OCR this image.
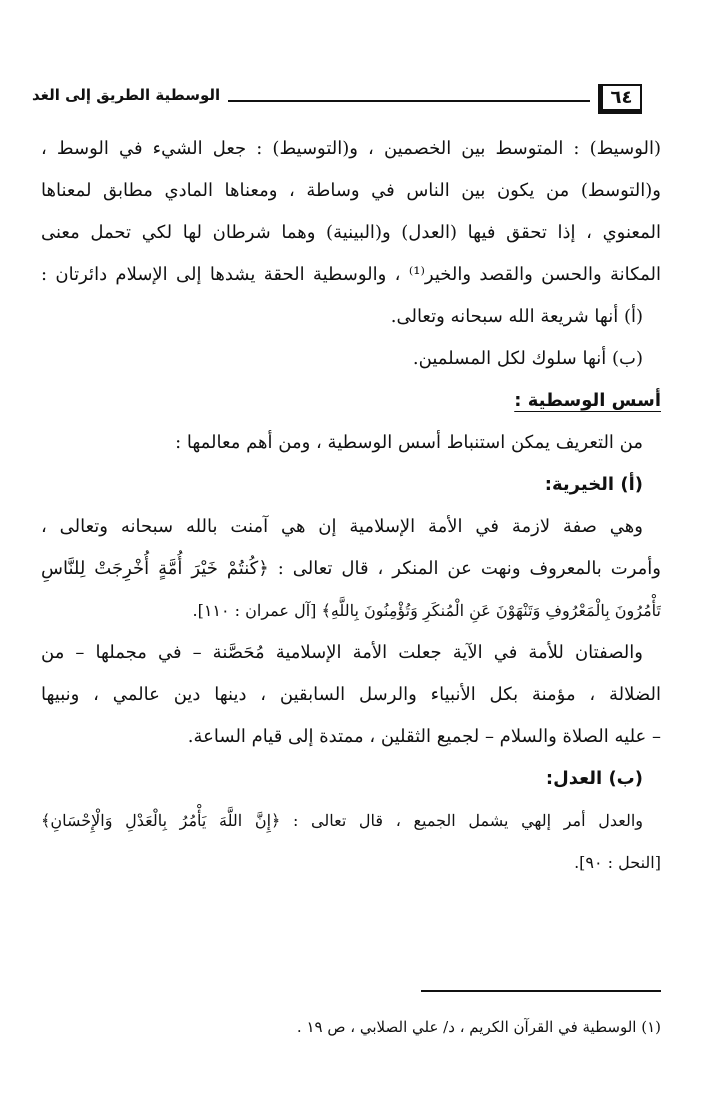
٦٤
الوسطية الطريق إلى الغد
(الوسيط) : المتوسط بين الخصمين ، و(التوسيط) : جعل الشيء في الوسط ،
و(التوسط) من يكون بين الناس في وساطة ، ومعناها المادي مطابق لمعناها
المعنوي ، إذا تحقق فيها (العدل) و(البينية) وهما شرطان لها لكي تحمل معنى
المكانة والحسن والقصد والخير⁽¹⁾ ، والوسطية الحقة يشدها إلى الإسلام دائرتان :
(أ) أنها شريعة الله سبحانه وتعالى.
(ب) أنها سلوك لكل المسلمين.
أسس الوسطية :
من التعريف يمكن استنباط أسس الوسطية ، ومن أهم معالمها :
(أ) الخيرية:
وهي صفة لازمة في الأمة الإسلامية إن هي آمنت بالله سبحانه وتعالى ،
وأمرت بالمعروف ونهت عن المنكر ، قال تعالى : ﴿كُنتُمْ خَيْرَ أُمَّةٍ أُخْرِجَتْ لِلنَّاسِ
تَأْمُرُونَ بِالْمَعْرُوفِ وَتَنْهَوْنَ عَنِ الْمُنكَرِ وَتُؤْمِنُونَ بِاللَّهِ﴾ [آل عمران : ١١٠].
والصفتان للأمة في الآية جعلت الأمة الإسلامية مُحَصَّنة – في مجملها – من
الضلالة ، مؤمنة بكل الأنبياء والرسل السابقين ، دينها دين عالمي ، ونبيها
– عليه الصلاة والسلام – لجميع الثقلين ، ممتدة إلى قيام الساعة.
(ب) العدل:
والعدل أمر إلهي يشمل الجميع ، قال تعالى : ﴿إِنَّ اللَّهَ يَأْمُرُ بِالْعَدْلِ وَالْإِحْسَانِ﴾
[النحل : ٩٠].
(١) الوسطية في القرآن الكريم ، د/ علي الصلابي ، ص ١٩ .
